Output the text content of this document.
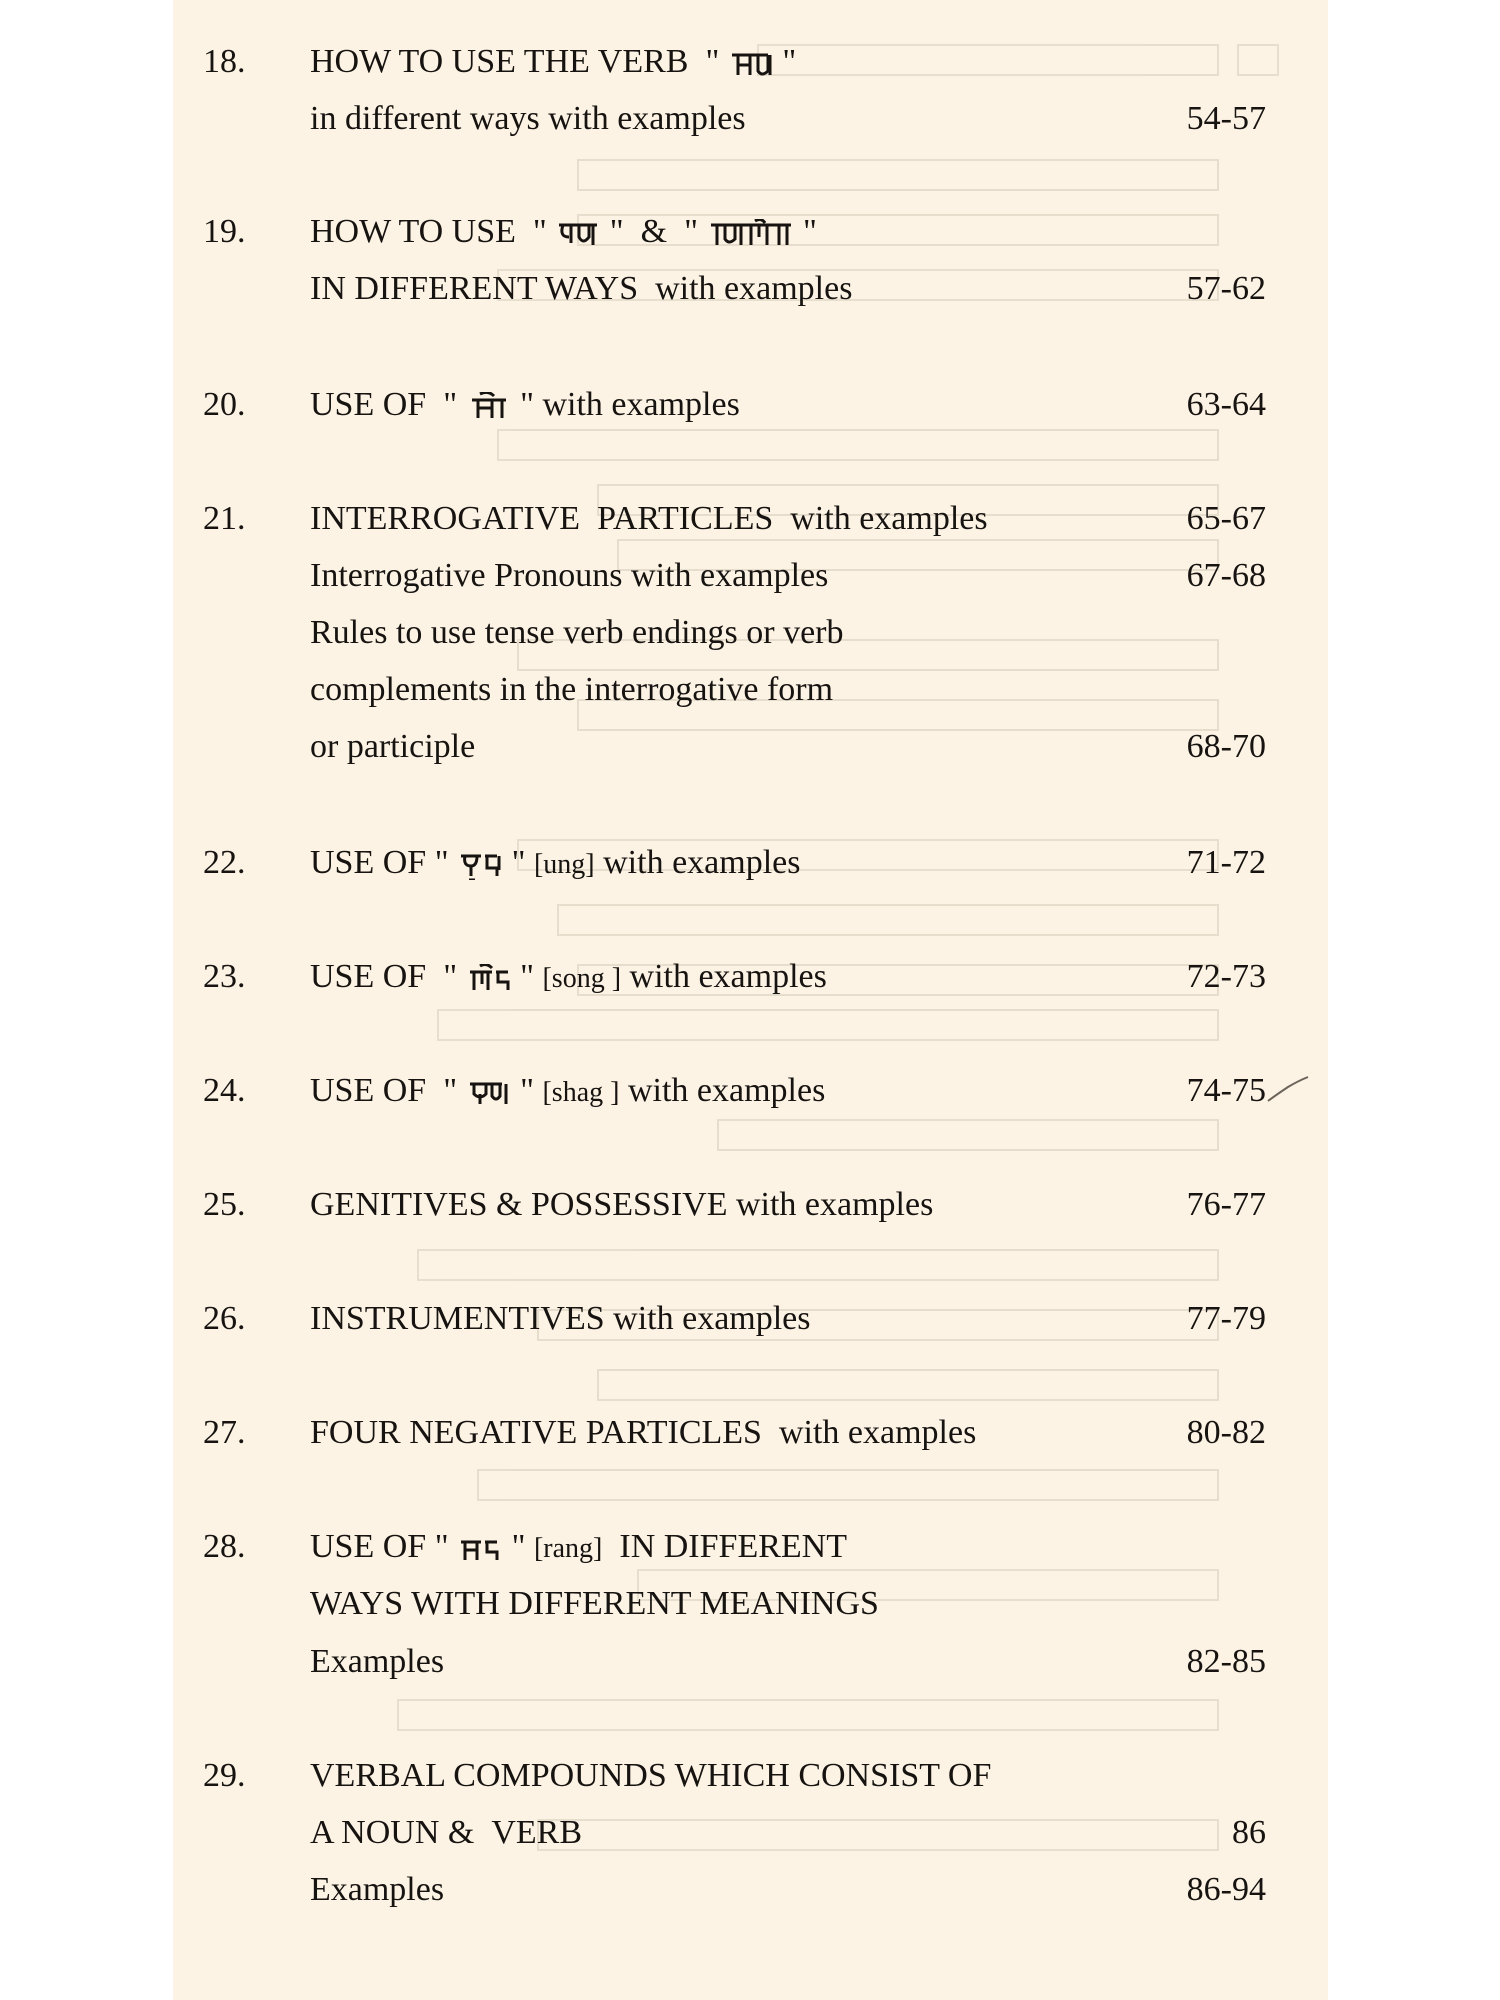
18. HOW TO USE THE VERB  "
"
in different ways with examples	54-57
19. HOW TO USE  "
"  &  "	"
IN DIFFERENT WAYS  with examples	57-62
20. USE OF  "
" with examples	63-64
21. INTERROGATIVE  PARTICLES  with examples	65-67
Interrogative Pronouns with examples	67-68
Rules to use tense verb endings or verb
complements in the interrogative form
or participle	68-70
22. USE OF "
" [ung] with examples	71-72
23. USE OF  "
" [song ] with examples	72-73
24. USE OF  "
" [shag ] with examples	74-75
25. GENITIVES & POSSESSIVE with examples	76-77
26. INSTRUMENTIVES with examples	77-79
27. FOUR NEGATIVE PARTICLES  with examples	80-82
28. USE OF "
" [rang]  IN DIFFERENT
WAYS WITH DIFFERENT MEANINGS
Examples	82-85
29. VERBAL COMPOUNDS WHICH CONSIST OF
A NOUN &  VERB	86
Examples	86-94
